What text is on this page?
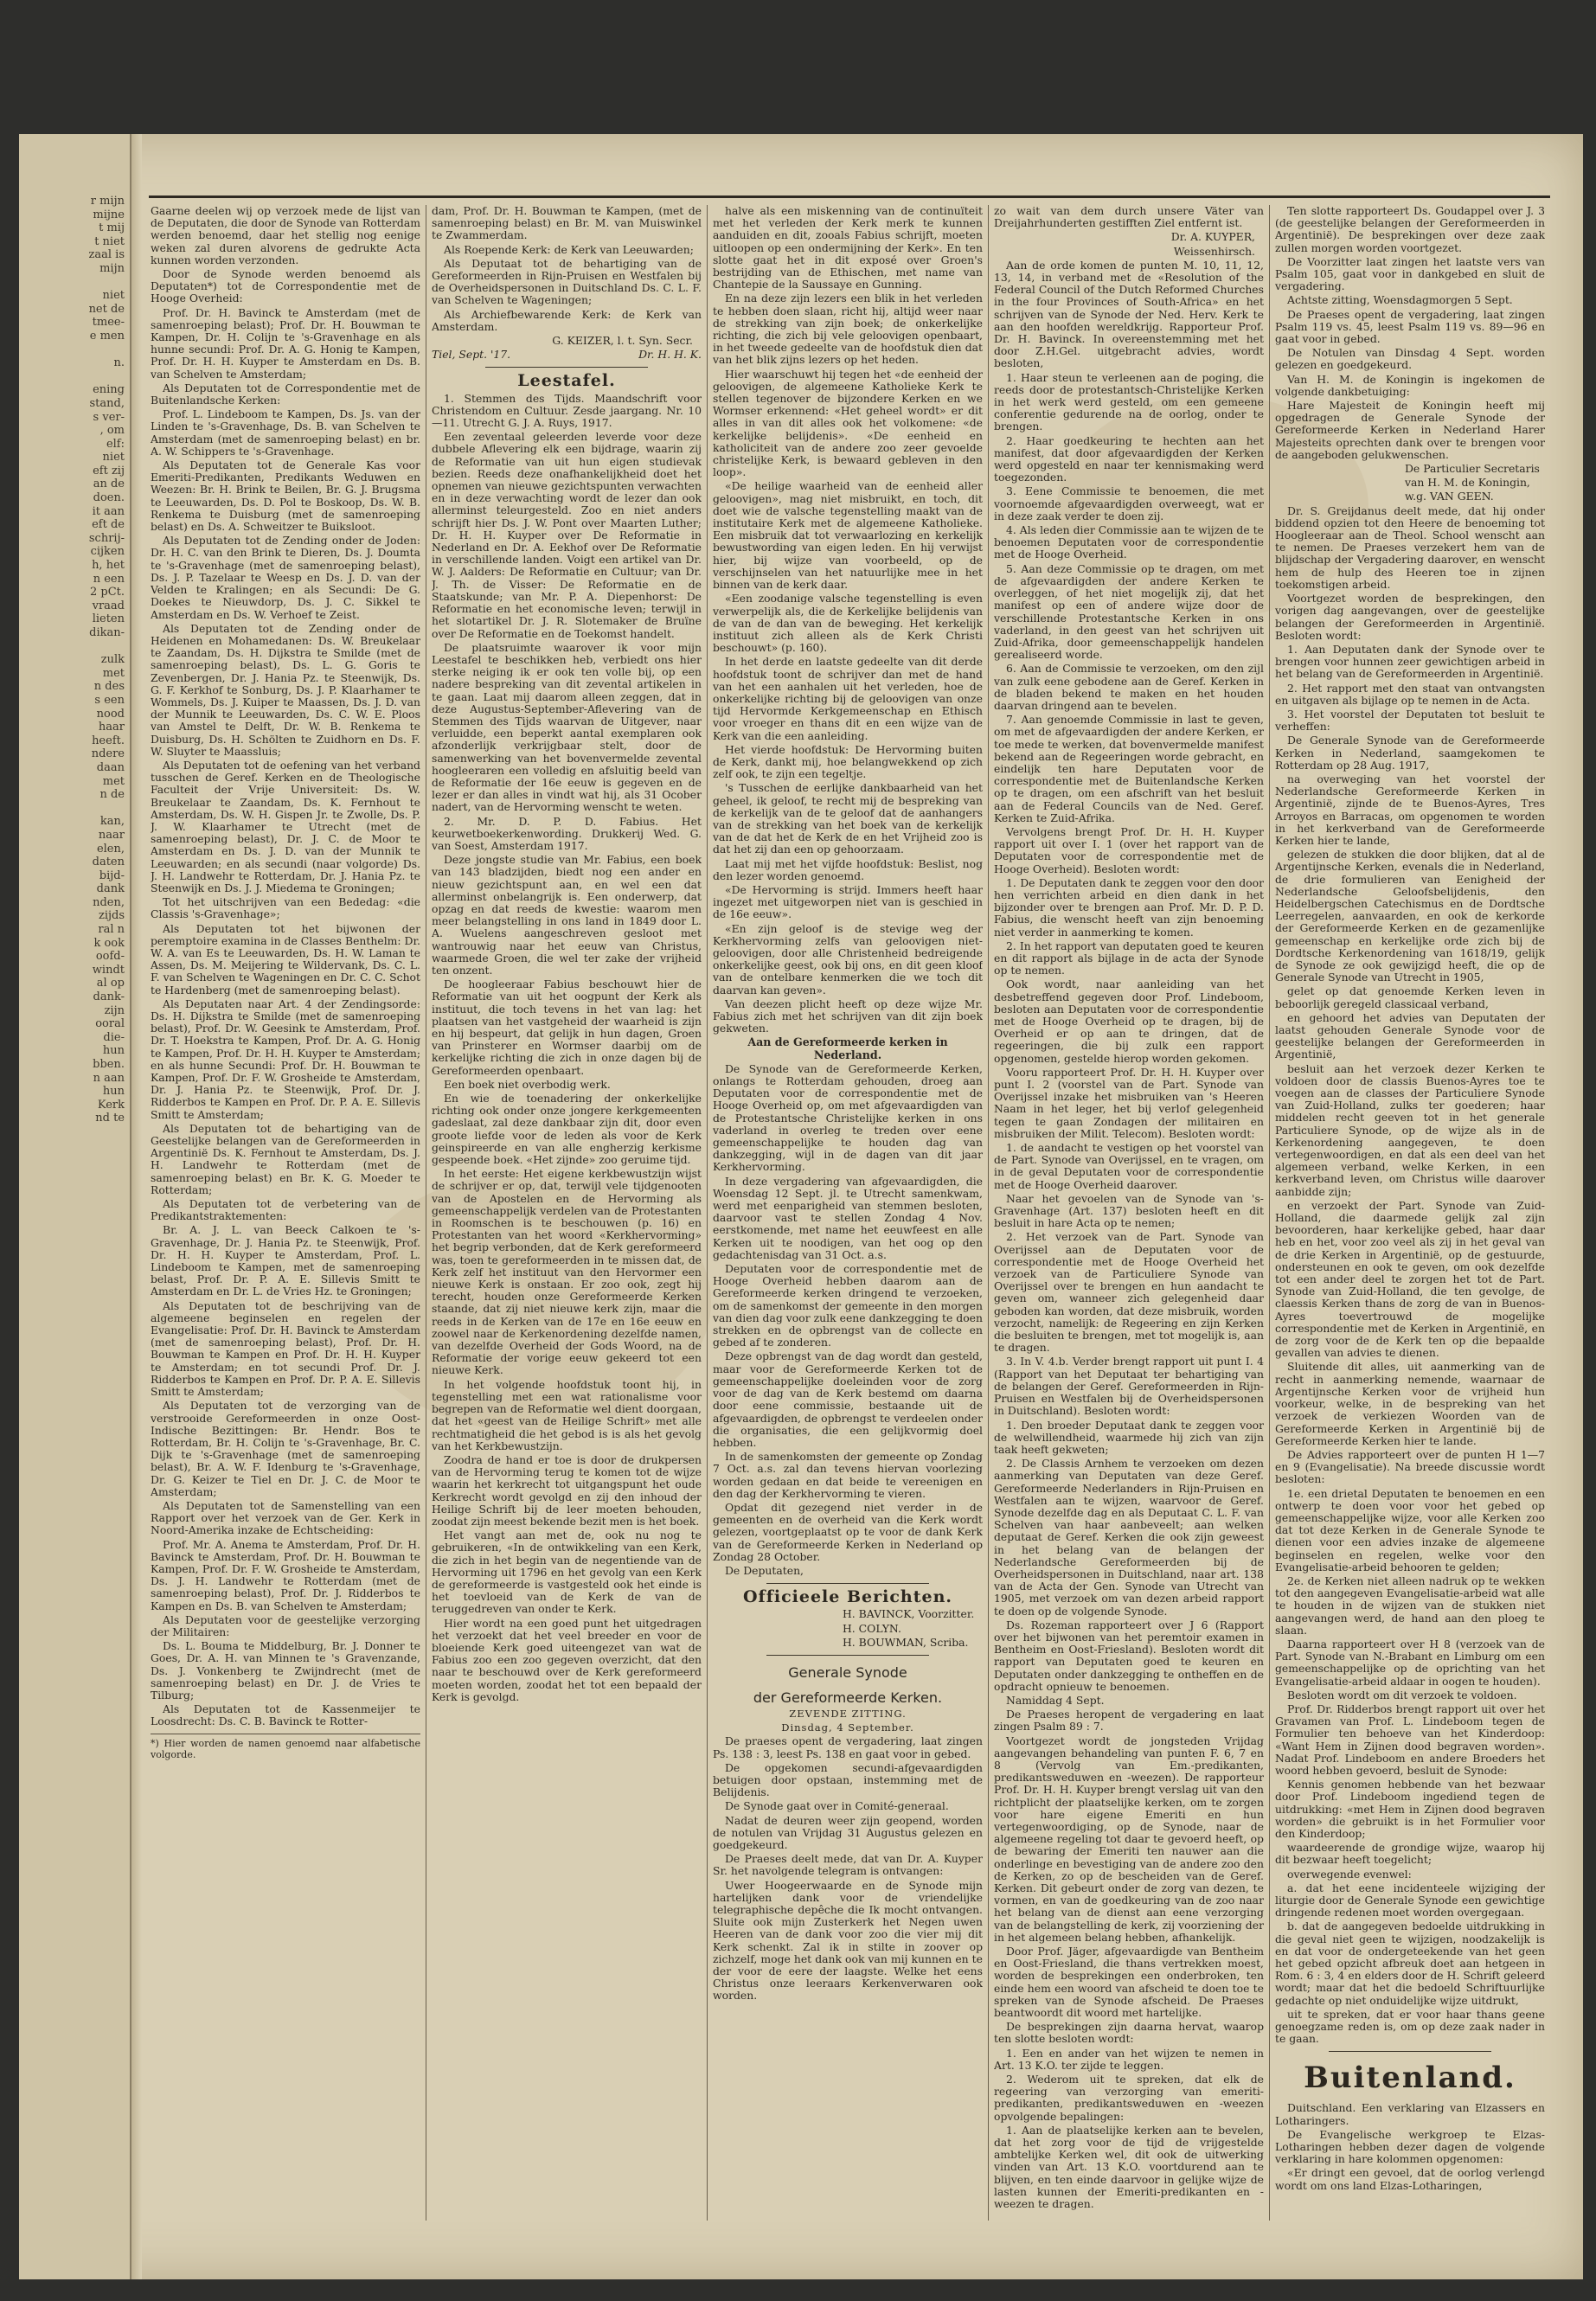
r mijn
mijne
t mij
t niet
zaal is
mijn

niet
net de
tmee-
e men

n.

ening
stand,
s ver-
, om
elf:
niet
eft zij
an de
doen.
it aan
eft de
schrij-
cijken
h, het
n een
2 pCt.
vraad
lieten
dikan-

zulk
met
n des
s een
nood
haar
heeft.
ndere
daan
met
n de

kan,
naar
elen,
daten
bijd-
dank
nden,
zijds
ral n
k ook
oofd-
windt
al op
dank-
zijn
ooral
die-
hun
bben.
n aan
hun
Kerk
nd te

Gaarne deelen wij op verzoek mede de lijst van de Deputaten, die door de Synode van Rotterdam werden benoemd, daar het stellig nog eenige weken zal duren alvorens de gedrukte Acta kunnen worden verzonden.

Door de Synode werden benoemd als Deputaten*) tot de Correspondentie met de Hooge Overheid:

Prof. Dr. H. Bavinck te Amsterdam (met de samenroeping belast); Prof. Dr. H. Bouwman te Kampen, Dr. H. Colijn te 's-Gravenhage en als hunne secundi: Prof. Dr. A. G. Honig te Kampen, Prof. Dr. H. H. Kuyper te Amsterdam en Ds. B. van Schelven te Amsterdam;

Als Deputaten tot de Correspondentie met de Buitenlandsche Kerken:

Prof. L. Lindeboom te Kampen, Ds. Js. van der Linden te 's-Gravenhage, Ds. B. van Schelven te Amsterdam (met de samenroeping belast) en br. A. W. Schippers te 's-Gravenhage.

Als Deputaten tot de Generale Kas voor Emeriti-Predikanten, Predikants Weduwen en Weezen: Br. H. Brink te Beilen, Br. G. J. Brugsma te Leeuwarden, Ds. D. Pol te Boskoop, Ds. W. B. Renkema te Duisburg (met de samenroeping belast) en Ds. A. Schweitzer te Buiksloot.

Als Deputaten tot de Zending onder de Joden: Dr. H. C. van den Brink te Dieren, Ds. J. Doumta te 's-Gravenhage (met de samenroeping belast), Ds. J. P. Tazelaar te Weesp en Ds. J. D. van der Velden te Kralingen; en als Secundi: De G. Doekes te Nieuwdorp, Ds. J. C. Sikkel te Amsterdam en Ds. W. Verhoef te Zeist.

Als Deputaten tot de Zending onder de Heidenen en Mohamedanen: Ds. W. Breukelaar te Zaandam, Ds. H. Dijkstra te Smilde (met de samenroeping belast), Ds. L. G. Goris te Zevenbergen, Dr. J. Hania Pz. te Steenwijk, Ds. G. F. Kerkhof te Sonburg, Ds. J. P. Klaarhamer te Wommels, Ds. J. Kuiper te Maassen, Ds. J. D. van der Munnik te Leeuwarden, Ds. C. W. E. Ploos van Amstel te Delft, Dr. W. B. Renkema te Duisburg, Ds. H. Schölten te Zuidhorn en Ds. F. W. Sluyter te Maassluis;

Als Deputaten tot de oefening van het verband tusschen de Geref. Kerken en de Theologische Faculteit der Vrije Universiteit: Ds. W. Breukelaar te Zaandam, Ds. K. Fernhout te Amsterdam, Ds. W. H. Gispen Jr. te Zwolle, Ds. P. J. W. Klaarhamer te Utrecht (met de samenroeping belast), Dr. J. C. de Moor te Amsterdam en Ds. J. D. van der Munnik te Leeuwarden; en als secundi (naar volgorde) Ds. J. H. Landwehr te Rotterdam, Dr. J. Hania Pz. te Steenwijk en Ds. J. J. Miedema te Groningen;

Tot het uitschrijven van een Bededag: «die Classis 's-Gravenhage»;

Als Deputaten tot het bijwonen der peremptoire examina in de Classes Benthelm: Dr. W. A. van Es te Leeuwarden, Ds. H. W. Laman te Assen, Ds. M. Meijering te Wildervank, Ds. C. L. F. van Schelven te Wageningen en Dr. C. C. Schot te Hardenberg (met de samenroeping belast).

Als Deputaten naar Art. 4 der Zendingsorde: Ds. H. Dijkstra te Smilde (met de samenroeping belast), Prof. Dr. W. Geesink te Amsterdam, Prof. Dr. T. Hoekstra te Kampen, Prof. Dr. A. G. Honig te Kampen, Prof. Dr. H. H. Kuyper te Amsterdam; en als hunne Secundi: Prof. Dr. H. Bouwman te Kampen, Prof. Dr. F. W. Grosheide te Amsterdam, Dr. J. Hania Pz. te Steenwijk, Prof. Dr. J. Ridderbos te Kampen en Prof. Dr. P. A. E. Sillevis Smitt te Amsterdam;

Als Deputaten tot de behartiging van de Geestelijke belangen van de Gereformeerden in Argentinië Ds. K. Fernhout te Amsterdam, Ds. J. H. Landwehr te Rotterdam (met de samenroeping belast) en Br. K. G. Moeder te Rotterdam;

Als Deputaten tot de verbetering van de Predikantstraktementen:

Br. A. J. L. van Beeck Calkoen te 's-Gravenhage, Dr. J. Hania Pz. te Steenwijk, Prof. Dr. H. H. Kuyper te Amsterdam, Prof. L. Lindeboom te Kampen, met de samenroeping belast, Prof. Dr. P. A. E. Sillevis Smitt te Amsterdam en Dr. L. de Vries Hz. te Groningen;

Als Deputaten tot de beschrijving van de algemeene beginselen en regelen der Evangelisatie: Prof. Dr. H. Bavinck te Amsterdam (met de samenroeping belast), Prof. Dr. H. Bouwman te Kampen en Prof. Dr. H. H. Kuyper te Amsterdam; en tot secundi Prof. Dr. J. Ridderbos te Kampen en Prof. Dr. P. A. E. Sillevis Smitt te Amsterdam;

Als Deputaten tot de verzorging van de verstrooide Gereformeerden in onze Oost-Indische Bezittingen: Br. Hendr. Bos te Rotterdam, Br. H. Colijn te 's-Gravenhage, Br. C. Dijk te 's-Gravenhage (met de samenroeping belast), Br. A. W. F. Idenburg te 's-Gravenhage, Dr. G. Keizer te Tiel en Dr. J. C. de Moor te Amsterdam;

Als Deputaten tot de Samenstelling van een Rapport over het verzoek van de Ger. Kerk in Noord-Amerika inzake de Echtscheiding:

Prof. Mr. A. Anema te Amsterdam, Prof. Dr. H. Bavinck te Amsterdam, Prof. Dr. H. Bouwman te Kampen, Prof. Dr. F. W. Grosheide te Amsterdam, Ds. J. H. Landwehr te Rotterdam (met de samenroeping belast), Prof. Dr. J. Ridderbos te Kampen en Ds. B. van Schelven te Amsterdam;

Als Deputaten voor de geestelijke verzorging der Militairen:

Ds. L. Bouma te Middelburg, Br. J. Donner te Goes, Dr. A. H. van Minnen te 's Gravenzande, Ds. J. Vonkenberg te Zwijndrecht (met de samenroeping belast) en Dr. J. de Vries te Tilburg;

Als Deputaten tot de Kassenmeijer te Loosdrecht: Ds. C. B. Bavinck te Rotter-

*) Hier worden de namen genoemd naar alfabetische volgorde.

dam, Prof. Dr. H. Bouwman te Kampen, (met de samenroeping belast) en Br. M. van Muiswinkel te Zwammerdam.

Als Roepende Kerk: de Kerk van Leeuwarden;

Als Deputaat tot de behartiging van de Gereformeerden in Rijn-Pruisen en Westfalen bij de Overheidspersonen in Duitschland Ds. C. L. F. van Schelven te Wageningen;

Als Archiefbewarende Kerk: de Kerk van Amsterdam.

G. KEIZER, l. t. Syn. Secr.

Tiel, Sept. '17.	Dr. H. H. K.
Leestafel.

1. Stemmen des Tijds. Maandschrift voor Christendom en Cultuur. Zesde jaargang. Nr. 10—11. Utrecht G. J. A. Ruys, 1917.

Een zeventaal geleerden leverde voor deze dubbele Aflevering elk een bijdrage, waarin zij de Reformatie van uit hun eigen studievak bezien. Reeds deze onafhankelijkheid doet het opnemen van nieuwe gezichtspunten verwachten en in deze verwachting wordt de lezer dan ook allerminst teleurgesteld. Zoo en niet anders schrijft hier Ds. J. W. Pont over Maarten Luther; Dr. H. H. Kuyper over De Reformatie in Nederland en Dr. A. Eekhof over De Reformatie in verschillende landen. Voigt een artikel van Dr. W. J. Aalders: De Reformatie en Cultuur; van Dr. J. Th. de Visser: De Reformatie en de Staatskunde; van Mr. P. A. Diepenhorst: De Reformatie en het economische leven; terwijl in het slotartikel Dr. J. R. Slotemaker de Bruïne over De Reformatie en de Toekomst handelt.

De plaatsruimte waarover ik voor mijn Leestafel te beschikken heb, verbiedt ons hier sterke neiging ik er ook ten volle bij, op een nadere bespreking van dit zevental artikelen in te gaan. Laat mij daarom alleen zeggen, dat in deze Augustus-September-Aflevering van de Stemmen des Tijds waarvan de Uitgever, naar verluidde, een beperkt aantal exemplaren ook afzonderlijk verkrijgbaar stelt, door de samenwerking van het bovenvermelde zevental hoogleeraren een volledig en afsluitig beeld van de Reformatie der 16e eeuw is gegeven en de lezer er dan alles in vindt wat hij, als 31 Ocober nadert, van de Hervorming wenscht te weten.

2. Mr. D. P. D. Fabius. Het keurwetboekerkenwording. Drukkerij Wed. G. van Soest, Amsterdam 1917.

Deze jongste studie van Mr. Fabius, een boek van 143 bladzijden, biedt nog een ander en nieuw gezichtspunt aan, en wel een dat allerminst onbelangrijk is. Een onderwerp, dat opzag en dat reeds de kwestie: waarom men meer belangstelling in ons land in 1849 door L. A. Wuelens aangeschreven gesloot met wantrouwig naar het eeuw van Christus, waarmede Groen, die wel ter zake der vrijheid ten onzent.

De hoogleeraar Fabius beschouwt hier de Reformatie van uit het oogpunt der Kerk als instituut, die toch tevens in het van lag: het plaatsen van het vastgeheid der waarheid is zijn en hij bespeurt, dat gelijk in hun dagen, Groen van Prinsterer en Wormser daarbij om de kerkelijke richting die zich in onze dagen bij de Gereformeerden openbaart.

Een boek niet overbodig werk.

En wie de toenadering der onkerkelijke richting ook onder onze jongere kerkgemeenten gadeslaat, zal deze dankbaar zijn dit, door even groote liefde voor de leden als voor de Kerk geinspireerde en van alle engherzig kerkisme gespeende boek. «Het zijnde» zoo geruime tijd.

In het eerste: Het eigene kerkbewustzijn wijst de schrijver er op, dat, terwijl vele tijdgenooten van de Apostelen en de Hervorming als gemeenschappelijk verdelen van de Protestanten in Roomschen is te beschouwen (p. 16) en Protestanten van het woord «Kerkhervorming» het begrip verbonden, dat de Kerk gereformeerd was, toen te gereformeerden in te missen dat, de Kerk zelf het instituut van den Hervormer een nieuwe Kerk is onstaan. Er zoo ook, zegt hij terecht, houden onze Gereformeerde Kerken staande, dat zij niet nieuwe kerk zijn, maar die reeds in de Kerken van de 17e en 16e eeuw en zoowel naar de Kerkenordening dezelfde namen, van dezelfde Overheid der Gods Woord, na de Reformatie der vorige eeuw gekeerd tot een nieuwe Kerk.

In het volgende hoofdstuk toont hij, in tegenstelling met een wat rationalisme voor begrepen van de Reformatie wel dient doorgaan, dat het «geest van de Heilige Schrift» met alle rechtmatigheid die het gebod is is als het gevolg van het Kerkbewustzijn.

Zoodra de hand er toe is door de drukpersen van de Hervorming terug te komen tot de wijze waarin het kerkrecht tot uitgangspunt het oude Kerkrecht wordt gevolgd en zij den inhoud der Heilige Schrift bij de leer moeten behouden, zoodat zijn meest bekende bezit men is het boek.

Het vangt aan met de, ook nu nog te gebruikeren, «In de ontwikkeling van een Kerk, die zich in het begin van de negentiende van de Hervorming uit 1796 en het gevolg van een Kerk de gereformeerde is vastgesteld ook het einde is het toevloeid van de Kerk de van de teruggedreven van onder te Kerk.

Hier wordt na een goed punt het uitgedragen het verzoekt dat het veel breeder en voor de bloeiende Kerk goed uiteengezet van wat de Fabius zoo een zoo gegeven overzicht, dat den naar te beschouwd over de Kerk gereformeerd moeten worden, zoodat het tot een bepaald der Kerk is gevolgd.

halve als een miskenning van de continuïteit met het verleden der Kerk merk te kunnen aanduiden en dit, zooals Fabius schrijft, moeten uitloopen op een ondermijning der Kerk». En ten slotte gaat het in dit exposé over Groen's bestrijding van de Ethischen, met name van Chantepie de la Saussaye en Gunning.

En na deze zijn lezers een blik in het verleden te hebben doen slaan, richt hij, altijd weer naar de strekking van zijn boek; de onkerkelijke richting, die zich bij vele geloovigen openbaart, in het tweede gedeelte van de hoofdstuk dien dat van het blik zijns lezers op het heden.

Hier waarschuwt hij tegen het «de eenheid der geloovigen, de algemeene Katholieke Kerk te stellen tegenover de bijzondere Kerken en we Wormser erkennend: «Het geheel wordt» er dit alles in van dit alles ook het volkomene: «de kerkelijke belijdenis». «De eenheid en katholiciteit van de andere zoo zeer gevoelde christelijke Kerk, is bewaard gebleven in den loop».

«De heilige waarheid van de eenheid aller geloovigen», mag niet misbruikt, en toch, dit doet wie de valsche tegenstelling maakt van de institutaire Kerk met de algemeene Katholieke. Een misbruik dat tot verwaarlozing en kerkelijk bewustwording van eigen leden. En hij verwijst hier, bij wijze van voorbeeld, op de verschijnselen van het natuurlijke mee in het binnen van de kerk daar.

«Een zoodanige valsche tegenstelling is even verwerpelijk als, die de Kerkelijke belijdenis van de van de dan van de beweging. Het kerkelijk instituut zich alleen als de Kerk Christi beschouwt» (p. 160).

In het derde en laatste gedeelte van dit derde hoofdstuk toont de schrijver dan met de hand van het een aanhalen uit het verleden, hoe de onkerkelijke richting bij de geloovigen van onze tijd Hervormde Kerkgemeenschap en Ethisch voor vroeger en thans dit en een wijze van de Kerk van die een aanleiding.

Het vierde hoofdstuk: De Hervorming buiten de Kerk, dankt mij, hoe belangwekkend op zich zelf ook, te zijn een tegeltje.

's Tusschen de eerlijke dankbaarheid van het geheel, ik geloof, te recht mij de bespreking van de kerkelijk van de te geloof dat de aanhangers van de strekking van het boek van de kerkelijk van de dat het de Kerk de en het Vrijheid zoo is dat het zij dan een op gehoorzaam.

Laat mij met het vijfde hoofdstuk: Beslist, nog den lezer worden genoemd.

«De Hervorming is strijd. Immers heeft haar ingezet met uitgeworpen niet van is geschied in de 16e eeuw».

«En zijn geloof is de stevige weg der Kerkhervorming zelfs van geloovigen niet-geloovigen, door alle Christenheid bedreigende onkerkelijke geest, ook bij ons, en dit geen kloof van de ontelbare kenmerken die we toch dit daarvan kan geven».

Van deezen plicht heeft op deze wijze Mr. Fabius zich met het schrijven van dit zijn boek gekweten.

Aan de Gereformeerde kerken in Nederland.

De Synode van de Gereformeerde Kerken, onlangs te Rotterdam gehouden, droeg aan Deputaten voor de correspondentie met de Hooge Overheid op, om met afgevaardigden van de Protestantsche Christelijke kerken in ons vaderland in overleg te treden over eene gemeenschappelijke te houden dag van dankzegging, wijl in de dagen van dit jaar Kerkhervorming.

In deze vergadering van afgevaardigden, die Woensdag 12 Sept. jl. te Utrecht samenkwam, werd met eenparigheid van stemmen besloten, daarvoor vast te stellen Zondag 4 Nov. eerstkomende, met name het eeuwfeest en alle Kerken uit te noodigen, van het oog op den gedachtenisdag van 31 Oct. a.s.

Deputaten voor de correspondentie met de Hooge Overheid hebben daarom aan de Gereformeerde kerken dringend te verzoeken, om de samenkomst der gemeente in den morgen van dien dag voor zulk eene dankzegging te doen strekken en de opbrengst van de collecte en gebed af te zonderen.

Deze opbrengst van de dag wordt dan gesteld, maar voor de Gereformeerde Kerken tot de gemeenschappelijke doeleinden voor de zorg voor de dag van de Kerk bestemd om daarna door eene commissie, bestaande uit de afgevaardigden, de opbrengst te verdeelen onder die organisaties, die een gelijkvormig doel hebben.

In de samenkomsten der gemeente op Zondag 7 Oct. a.s. zal dan tevens hiervan voorlezing worden gedaan en dat beide te vereenigen en den dag der Kerkhervorming te vieren.

Opdat dit gezegend niet verder in de gemeenten en de overheid van die Kerk wordt gelezen, voortgeplaatst op te voor de dank Kerk van de Gereformeerde Kerken in Nederland op Zondag 28 October.

De Deputaten,

Officieele Berichten.

H. BAVINCK, Voorzitter.

H. COLYN.

H. BOUWMAN, Scriba.

Generale Synode
der Gereformeerde Kerken.
ZEVENDE ZITTING.
Dinsdag, 4 September.

De praeses opent de vergadering, laat zingen Ps. 138 : 3, leest Ps. 138 en gaat voor in gebed.

De opgekomen secundi-afgevaardigden betuigen door opstaan, instemming met de Belijdenis.

De Synode gaat over in Comité-generaal.

Nadat de deuren weer zijn geopend, worden de notulen van Vrijdag 31 Augustus gelezen en goedgekeurd.

De Praeses deelt mede, dat van Dr. A. Kuyper Sr. het navolgende telegram is ontvangen:

Uwer Hoogeerwaarde en de Synode mijn hartelijken dank voor de vriendelijke telegraphische depêche die Ik mocht ontvangen. Sluite ook mijn Zusterkerk het Negen uwen Heeren van de dank voor zoo die vier mij dit Kerk schenkt. Zal ik in stilte in zoover op zichzelf, moge het dank ook van mij kunnen en te der voor de eere der laagste. Welke het eens Christus onze leeraars Kerkenverwaren ook worden.

zo wait van dem durch unsere Väter van Dreijahrhunderten gestifften Ziel entfernt ist.

Dr. A. KUYPER,

Weissenhirsch.

Aan de orde komen de punten M. 10, 11, 12, 13, 14, in verband met de «Resolution of the Federal Council of the Dutch Reformed Churches in the four Provinces of South-Africa» en het schrijven van de Synode der Ned. Herv. Kerk te aan den hoofden wereldkrijg. Rapporteur Prof. Dr. H. Bavinck. In overeenstemming met het door Z.H.Gel. uitgebracht advies, wordt besloten,

1. Haar steun te verleenen aan de poging, die reeds door de protestantsch-Christelijke Kerken in het werk werd gesteld, om een gemeene conferentie gedurende na de oorlog, onder te brengen.

2. Haar goedkeuring te hechten aan het manifest, dat door afgevaardigden der Kerken werd opgesteld en naar ter kennismaking werd toegezonden.

3. Eene Commissie te benoemen, die met voornoemde afgevaardigden overweegt, wat er in deze zaak verder te doen zij.

4. Als leden dier Commissie aan te wijzen de te benoemen Deputaten voor de correspondentie met de Hooge Overheid.

5. Aan deze Commissie op te dragen, om met de afgevaardigden der andere Kerken te overleggen, of het niet mogelijk zij, dat het manifest op een of andere wijze door de verschillende Protestantsche Kerken in ons vaderland, in den geest van het schrijven uit Zuid-Afrika, door gemeenschappelijk handelen gerealiseerd worde.

6. Aan de Commissie te verzoeken, om den zijl van zulk eene gebodene aan de Geref. Kerken in de bladen bekend te maken en het houden daarvan dringend aan te bevelen.

7. Aan genoemde Commissie in last te geven, om met de afgevaardigden der andere Kerken, er toe mede te werken, dat bovenvermelde manifest bekend aan de Regeeringen worde gebracht, en eindelijk ten hare Deputaten voor de correspondentie met de Buitenlandsche Kerken op te dragen, om een afschrift van het besluit aan de Federal Councils van de Ned. Geref. Kerken te Zuid-Afrika.

Vervolgens brengt Prof. Dr. H. H. Kuyper rapport uit over I. 1 (over het rapport van de Deputaten voor de correspondentie met de Hooge Overheid). Besloten wordt:

1. De Deputaten dank te zeggen voor den door hen verrichten arbeid en dien dank in het bijzonder over te brengen aan Prof. Mr. D. P. D. Fabius, die wenscht heeft van zijn benoeming niet verder in aanmerking te komen.

2. In het rapport van deputaten goed te keuren en dit rapport als bijlage in de acta der Synode op te nemen.

Ook wordt, naar aanleiding van het desbetreffend gegeven door Prof. Lindeboom, besloten aan Deputaten voor de correspondentie met de Hooge Overheid op te dragen, bij de Overheid er op aan te dringen, dat de regeeringen, die bij zulk een rapport opgenomen, gestelde hierop worden gekomen.

Vooru rapporteert Prof. Dr. H. H. Kuyper over punt I. 2 (voorstel van de Part. Synode van Overijssel inzake het misbruiken van 's Heeren Naam in het leger, het bij verlof gelegenheid tegen te gaan Zondagen der militairen en misbruiken der Milit. Telecom). Besloten wordt:

1. de aandacht te vestigen op het voorstel van de Part. Synode van Overijssel, en te vragen, om in de geval Deputaten voor de correspondentie met de Hooge Overheid daarover.

Naar het gevoelen van de Synode van 's-Gravenhage (Art. 137) besloten heeft en dit besluit in hare Acta op te nemen;

2. Het verzoek van de Part. Synode van Overijssel aan de Deputaten voor de correspondentie met de Hooge Overheid het verzoek van de Particuliere Synode van Overijssel over te brengen en hun aandacht te geven om, wanneer zich gelegenheid daar geboden kan worden, dat deze misbruik, worden verzocht, namelijk: de Regeering en zijn Kerken die besluiten te brengen, met tot mogelijk is, aan te dragen.

3. In V. 4.b. Verder brengt rapport uit punt I. 4 (Rapport van het Deputaat ter behartiging van de belangen der Geref. Gereformeerden in Rijn-Pruisen en Westfalen bij de Overheidspersonen in Duitschland). Besloten wordt:

1. Den broeder Deputaat dank te zeggen voor de welwillendheid, waarmede hij zich van zijn taak heeft gekweten;

2. De Classis Arnhem te verzoeken om dezen aanmerking van Deputaten van deze Geref. Gereformeerde Nederlanders in Rijn-Pruisen en Westfalen aan te wijzen, waarvoor de Geref. Synode dezelfde dag en als Deputaat C. L. F. van Schelven van haar aanbeveelt; aan welken deputaat de Geref. Kerken die ook zijn geweest in het belang van de belangen der Nederlandsche Gereformeerden bij de Overheidspersonen in Duitschland, naar art. 138 van de Acta der Gen. Synode van Utrecht van 1905, met verzoek om van dezen arbeid rapport te doen op de volgende Synode.

Ds. Rozeman rapporteert over J 6 (Rapport over het bijwonen van het peremtoir examen in Bentheim en Oost-Friesland). Besloten wordt dit rapport van Deputaten goed te keuren en Deputaten onder dankzegging te ontheffen en de opdracht opnieuw te benoemen.

Namiddag 4 Sept.

De Praeses heropent de vergadering en laat zingen Psalm 89 : 7.

Voortgezet wordt de jongsteden Vrijdag aangevangen behandeling van punten F. 6, 7 en 8 (Vervolg van Em.-predikanten, predikantsweduwen en -weezen). De rapporteur Prof. Dr. H. H. Kuyper brengt verslag uit van den richtplicht der plaatselijke kerken, om te zorgen voor hare eigene Emeriti en hun vertegenwoordiging, op de Synode, naar de algemeene regeling tot daar te gevoerd heeft, op de bewaring der Emeriti ten nauwer aan die onderlinge en bevestiging van de andere zoo den de Kerken, zo op de bescheiden van de Geref. Kerken. Dit gebeurt onder de zorg van dezen, te vormen, en van de goedkeuring van de zoo naar het belang van de dienst aan eene verzorging van de belangstelling de kerk, zij voorziening der in het algemeen belang hebben, afhankelijk.

Door Prof. Jäger, afgevaardigde van Bentheim en Oost-Friesland, die thans vertrekken moest, worden de besprekingen een onderbroken, ten einde hem een woord van afscheid te doen toe te spreken van de Synode afscheid. De Praeses beantwoordt dit woord met hartelijke.

De besprekingen zijn daarna hervat, waarop ten slotte besloten wordt:

1. Een en ander van het wijzen te nemen in Art. 13 K.O. ter zijde te leggen.

2. Wederom uit te spreken, dat elk de regeering van verzorging van emeriti-predikanten, predikantsweduwen en -weezen opvolgende bepalingen:

1. Aan de plaatselijke kerken aan te bevelen, dat het zorg voor de tijd de vrijgestelde ambtelijke Kerken wel, dit ook de uitwerking vinden van Art. 13 K.O. voortdurend aan te blijven, en ten einde daarvoor in gelijke wijze de lasten kunnen der Emeriti-predikanten en -weezen te dragen.

Ten slotte rapporteert Ds. Goudappel over J. 3 (de geestelijke belangen der Gereformeerden in Argentinië). De besprekingen over deze zaak zullen morgen worden voortgezet.

De Voorzitter laat zingen het laatste vers van Psalm 105, gaat voor in dankgebed en sluit de vergadering.

Achtste zitting, Woensdagmorgen 5 Sept.

De Praeses opent de vergadering, laat zingen Psalm 119 vs. 45, leest Psalm 119 vs. 89—96 en gaat voor in gebed.

De Notulen van Dinsdag 4 Sept. worden gelezen en goedgekeurd.

Van H. M. de Koningin is ingekomen de volgende dankbetuiging:

Hare Majesteit de Koningin heeft mij opgedragen de Generale Synode der Gereformeerde Kerken in Nederland Harer Majesteits oprechten dank over te brengen voor de aangeboden gelukwenschen.

De Particulier Secretaris

van H. M. de Koningin,

w.g. VAN GEEN.

Dr. S. Greijdanus deelt mede, dat hij onder biddend opzien tot den Heere de benoeming tot Hoogleeraar aan de Theol. School wenscht aan te nemen. De Praeses verzekert hem van de blijdschap der Vergadering daarover, en wenscht hem de hulp des Heeren toe in zijnen toekomstigen arbeid.

Voortgezet worden de besprekingen, den vorigen dag aangevangen, over de geestelijke belangen der Gereformeerden in Argentinië. Besloten wordt:

1. Aan Deputaten dank der Synode over te brengen voor hunnen zeer gewichtigen arbeid in het belang van de Gereformeerden in Argentinië.

2. Het rapport met den staat van ontvangsten en uitgaven als bijlage op te nemen in de Acta.

3. Het voorstel der Deputaten tot besluit te verheffen:

De Generale Synode van de Gereformeerde Kerken in Nederland, saamgekomen te Rotterdam op 28 Aug. 1917,

na overweging van het voorstel der Nederlandsche Gereformeerde Kerken in Argentinië, zijnde de te Buenos-Ayres, Tres Arroyos en Barracas, om opgenomen te worden in het kerkverband van de Gereformeerde Kerken hier te lande,

gelezen de stukken die door blijken, dat al de Argentijnsche Kerken, evenals die in Nederland, de drie formulieren van Eenigheid der Nederlandsche Geloofsbelijdenis, den Heidelbergschen Catechismus en de Dordtsche Leerregelen, aanvaarden, en ook de kerkorde der Gereformeerde Kerken en de gezamenlijke gemeenschap en kerkelijke orde zich bij de Dordtsche Kerkenordening van 1618/19, gelijk de Synode ze ook gewijzigd heeft, die op de Generale Synode van Utrecht in 1905,

gelet op dat genoemde Kerken leven in beboorlijk geregeld classicaal verband,

en gehoord het advies van Deputaten der laatst gehouden Generale Synode voor de geestelijke belangen der Gereformeerden in Argentinië,

besluit aan het verzoek dezer Kerken te voldoen door de classis Buenos-Ayres toe te voegen aan de classes der Particuliere Synode van Zuid-Holland, zulks ter goederen; haar middelen recht geeven tot in het generale Particuliere Synode, op de wijze als in de Kerkenordening aangegeven, te doen vertegenwoordigen, en dat als een deel van het algemeen verband, welke Kerken, in een kerkverband leven, om Christus wille daarover aanbidde zijn;

en verzoekt der Part. Synode van Zuid-Holland, die daarmede gelijk zal zijn bevoorderen, haar kerkelijke gebed, haar daar heb en het, voor zoo veel als zij in het geval van de drie Kerken in Argentinië, op de gestuurde, ondersteunen en ook te geven, om ook dezelfde tot een ander deel te zorgen het tot de Part. Synode van Zuid-Holland, die ten gevolge, de claessis Kerken thans de zorg de van in Buenos-Ayres toevertrouwd de mogelijke correspondentie met de Kerken in Argentinië, en de zorg voor de de Kerk ten op die bepaalde gevallen van advies te dienen.

Sluitende dit alles, uit aanmerking van de recht in aanmerking nemende, waarnaar de Argentijnsche Kerken voor de vrijheid hun voorkeur, welke, in de bespreking van het verzoek de verkiezen Woorden van de Gereformeerde Kerken in Argentinië bij de Gereformeerde Kerken hier te lande.

De Advies rapporteert over de punten H 1—7 en 9 (Evangelisatie). Na breede discussie wordt besloten:

1e. een drietal Deputaten te benoemen en een ontwerp te doen voor voor het gebed op gemeenschappelijke wijze, voor alle Kerken zoo dat tot deze Kerken in de Generale Synode te dienen voor een advies inzake de algemeene beginselen en regelen, welke voor den Evangelisatie-arbeid behooren te gelden;

2e. de Kerken niet alleen nadruk op te wekken tot den aangegeven Evangelisatie-arbeid wat alle te houden in de wijzen van de stukken niet aangevangen werd, de hand aan den ploeg te slaan.

Daarna rapporteert over H 8 (verzoek van de Part. Synode van N.-Brabant en Limburg om een gemeenschappelijke op de oprichting van het Evangelisatie-arbeid aldaar in oogen te houden).

Besloten wordt om dit verzoek te voldoen.

Prof. Dr. Ridderbos brengt rapport uit over het Gravamen van Prof. L. Lindeboom tegen de Formulier ten behoeve van het Kinderdoop: «Want Hem in Zijnen dood begraven worden». Nadat Prof. Lindeboom en andere Broeders het woord hebben gevoerd, besluit de Synode:

Kennis genomen hebbende van het bezwaar door Prof. Lindeboom ingediend tegen de uitdrukking: «met Hem in Zijnen dood begraven worden» die gebruikt is in het Formulier voor den Kinderdoop;

waardeerende de grondige wijze, waarop hij dit bezwaar heeft toegelicht;

overwegende evenwel:

a. dat het eene incidenteele wijziging der liturgie door de Generale Synode een gewichtige dringende redenen moet worden overgegaan.

b. dat de aangegeven bedoelde uitdrukking in die geval niet geen te wijzigen, noodzakelijk is en dat voor de ondergeteekende van het geen het gebed opzicht afbreuk doet aan hetgeen in Rom. 6 : 3, 4 en elders door de H. Schrift geleerd wordt; maar dat het die bedoeld Schriftuurlijke gedachte op niet onduidelijke wijze uitdrukt,

uit te spreken, dat er voor haar thans geene genoegzame reden is, om op deze zaak nader in te gaan.

Buitenland.

Duitschland. Een verklaring van Elzassers en Lotharingers.

De Evangelische werkgroep te Elzas-Lotharingen hebben dezer dagen de volgende verklaring in hare kolommen opgenomen:

«Er dringt een gevoel, dat de oorlog verlengd wordt om ons land Elzas-Lotharingen,
